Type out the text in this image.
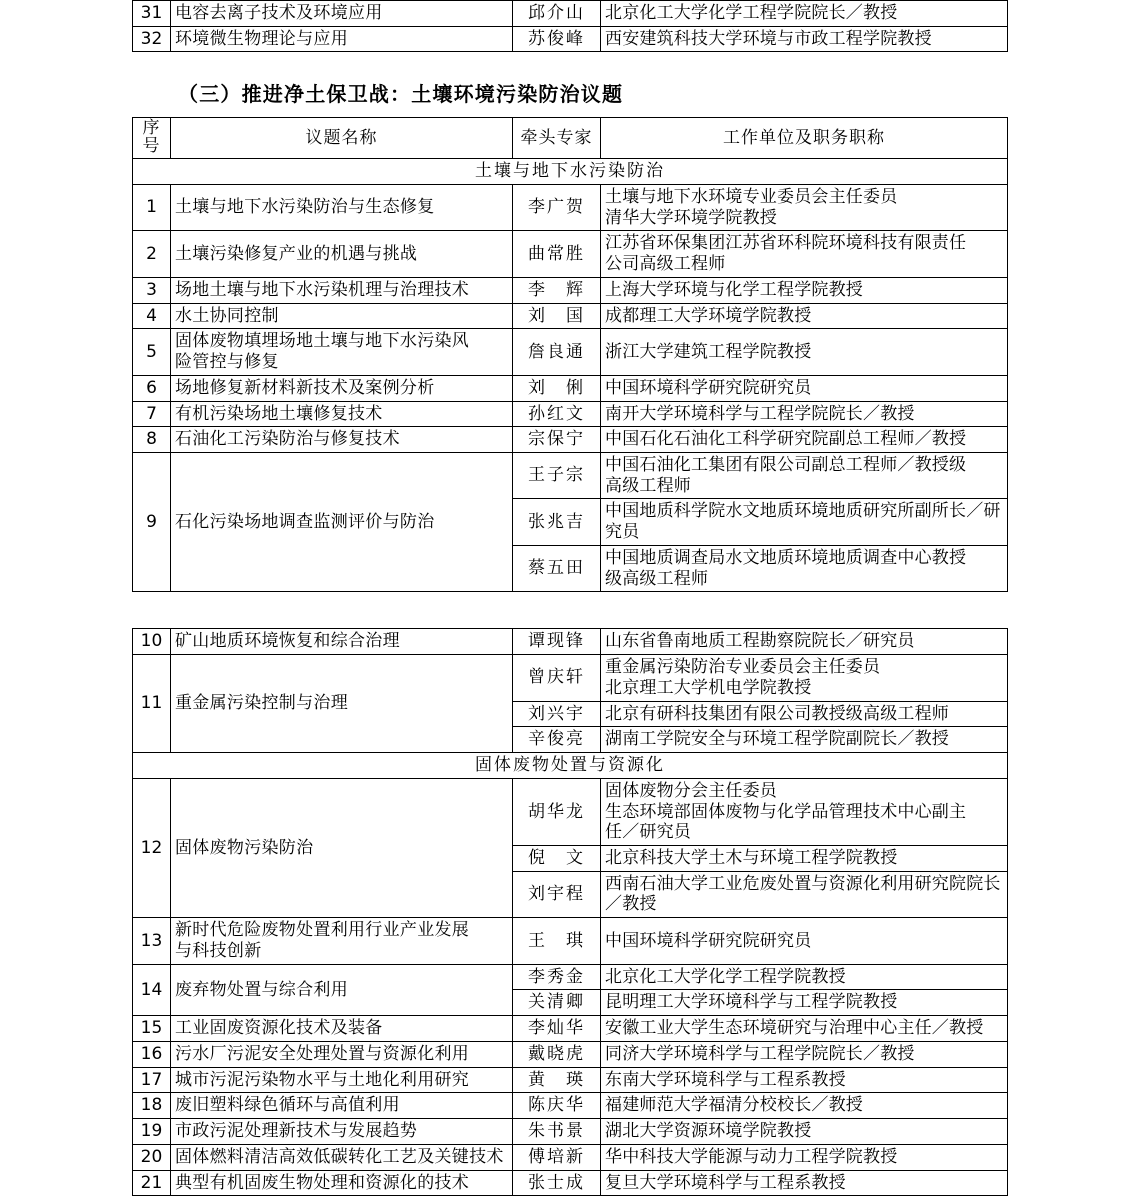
31	电容去离子技术及环境应用	邱介山	北京化工大学化学工程学院院长／教授
32	环境微生物理论与应用	苏俊峰	西安建筑科技大学环境与市政工程学院教授
（三）推进净土保卫战：土壤环境污染防治议题
序
号	议题名称	牵头专家	工作单位及职务职称
土壤与地下水污染防治			
1	土壤与地下水污染防治与生态修复	李广贺	土壤与地下水环境专业委员会主任委员
清华大学环境学院教授
2	土壤污染修复产业的机遇与挑战	曲常胜	江苏省环保集团江苏省环科院环境科技有限责任
公司高级工程师
3	场地土壤与地下水污染机理与治理技术	李　辉	上海大学环境与化学工程学院教授
4	水土协同控制	刘　国	成都理工大学环境学院教授
5	固体废物填埋场地土壤与地下水污染风
险管控与修复	詹良通	浙江大学建筑工程学院教授
6	场地修复新材料新技术及案例分析	刘　俐	中国环境科学研究院研究员
7	有机污染场地土壤修复技术	孙红文	南开大学环境科学与工程学院院长／教授
8	石油化工污染防治与修复技术	宗保宁	中国石化石油化工科学研究院副总工程师／教授
9	石化污染场地调查监测评价与防治	王子宗	中国石油化工集团有限公司副总工程师／教授级
高级工程师
		张兆吉	中国地质科学院水文地质环境地质研究所副所长／研究员
		蔡五田	中国地质调查局水文地质环境地质调查中心教授
级高级工程师
10	矿山地质环境恢复和综合治理	谭现锋	山东省鲁南地质工程勘察院院长／研究员
11	重金属污染控制与治理	曾庆轩	重金属污染防治专业委员会主任委员
北京理工大学机电学院教授
		刘兴宇	北京有研科技集团有限公司教授级高级工程师
		辛俊亮	湖南工学院安全与环境工程学院副院长／教授
固体废物处置与资源化			
12	固体废物污染防治	胡华龙	固体废物分会主任委员
生态环境部固体废物与化学品管理技术中心副主
任／研究员
		倪　文	北京科技大学土木与环境工程学院教授
		刘宇程	西南石油大学工业危废处置与资源化利用研究院院长／教授
13	新时代危险废物处置利用行业产业发展
与科技创新	王　琪	中国环境科学研究院研究员
14	废弃物处置与综合利用	李秀金	北京化工大学化学工程学院教授
		关清卿	昆明理工大学环境科学与工程学院教授
15	工业固废资源化技术及装备	李灿华	安徽工业大学生态环境研究与治理中心主任／教授
16	污水厂污泥安全处理处置与资源化利用	戴晓虎	同济大学环境科学与工程学院院长／教授
17	城市污泥污染物水平与土地化利用研究	黄　瑛	东南大学环境科学与工程系教授
18	废旧塑料绿色循环与高值利用	陈庆华	福建师范大学福清分校校长／教授
19	市政污泥处理新技术与发展趋势	朱书景	湖北大学资源环境学院教授
20	固体燃料清洁高效低碳转化工艺及关键技术	傅培新	华中科技大学能源与动力工程学院教授
21	典型有机固废生物处理和资源化的技术	张士成	复旦大学环境科学与工程系教授
